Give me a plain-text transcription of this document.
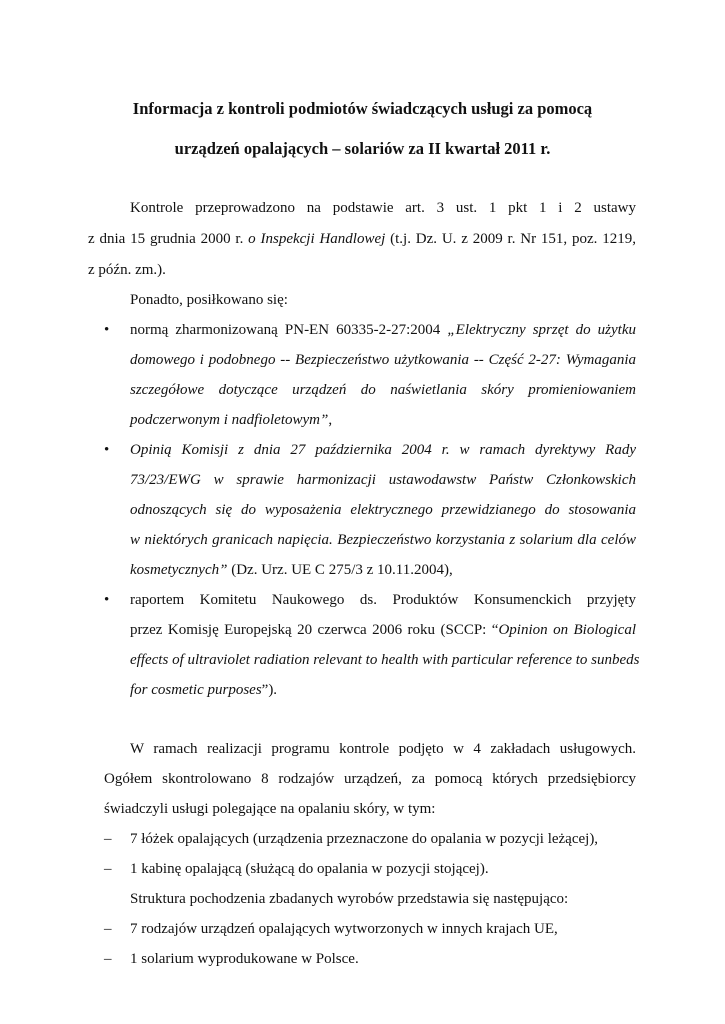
Informacja z kontroli podmiotów świadczących usługi za pomocą
urządzeń opalających – solariów za II kwartał 2011 r.
Kontrole przeprowadzono na podstawie art. 3 ust. 1 pkt 1 i 2 ustawy
z dnia 15 grudnia 2000 r. o Inspekcji Handlowej (t.j. Dz. U. z 2009 r. Nr 151, poz. 1219,
z późn. zm.).
Ponadto, posiłkowano się:
• normą zharmonizowaną PN-EN 60335-2-27:2004 „Elektryczny sprzęt do użytku
domowego i podobnego -- Bezpieczeństwo użytkowania -- Część 2-27: Wymagania
szczegółowe dotyczące urządzeń do naświetlania skóry promieniowaniem
podczerwonym i nadfioletowym”,
• Opinią Komisji z dnia 27 października 2004 r. w ramach dyrektywy Rady
73/23/EWG w sprawie harmonizacji ustawodawstw Państw Członkowskich
odnoszących się do wyposażenia elektrycznego przewidzianego do stosowania
w niektórych granicach napięcia. Bezpieczeństwo korzystania z solarium dla celów
kosmetycznych” (Dz. Urz. UE C 275/3 z 10.11.2004),
• raportem Komitetu Naukowego ds. Produktów Konsumenckich przyjęty
przez Komisję Europejską 20 czerwca 2006 roku (SCCP: “Opinion on Biological
effects of ultraviolet radiation relevant to health with particular reference to sunbeds
for cosmetic purposes”).
W ramach realizacji programu kontrole podjęto w 4 zakładach usługowych.
Ogółem skontrolowano 8 rodzajów urządzeń, za pomocą których przedsiębiorcy
świadczyli usługi polegające na opalaniu skóry, w tym:
– 7 łóżek opalających (urządzenia przeznaczone do opalania w pozycji leżącej),
– 1 kabinę opalającą (służącą do opalania w pozycji stojącej).
Struktura pochodzenia zbadanych wyrobów przedstawia się następująco:
– 7 rodzajów urządzeń opalających wytworzonych w innych krajach UE,
– 1 solarium wyprodukowane w Polsce.
